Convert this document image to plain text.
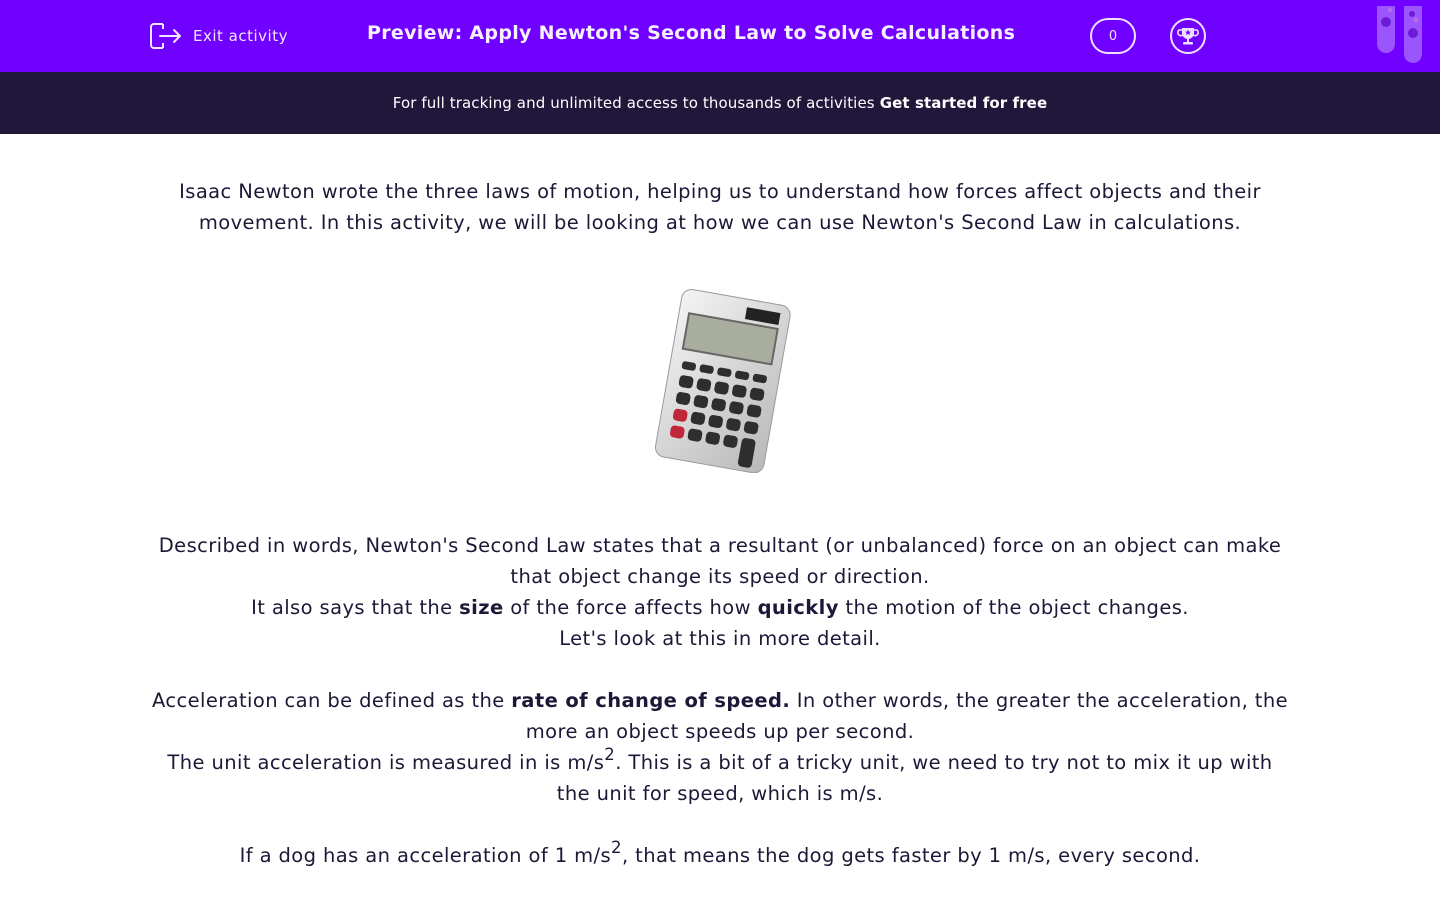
Exit activity	Preview: Apply Newton's Second Law to Solve Calculations	0
For full tracking and unlimited access to thousands of activities Get started for free

Isaac Newton wrote the three laws of motion, helping us to understand how forces affect objects and their movement. In this activity, we will be looking at how we can use Newton's Second Law in calculations.

Described in words, Newton's Second Law states that a resultant (or unbalanced) force on an object can make that object change its speed or direction.

It also says that the size of the force affects how quickly the motion of the object changes.

Let's look at this in more detail.

Acceleration can be defined as the rate of change of speed. In other words, the greater the acceleration, the more an object speeds up per second.

The unit acceleration is measured in is $m/s^2$. This is a bit of a tricky unit, we need to try not to mix it up with the unit for speed, which is m/s.

If a dog has an acceleration of 1 $m/s^2$, that means the dog gets faster by 1 m/s, every second.
